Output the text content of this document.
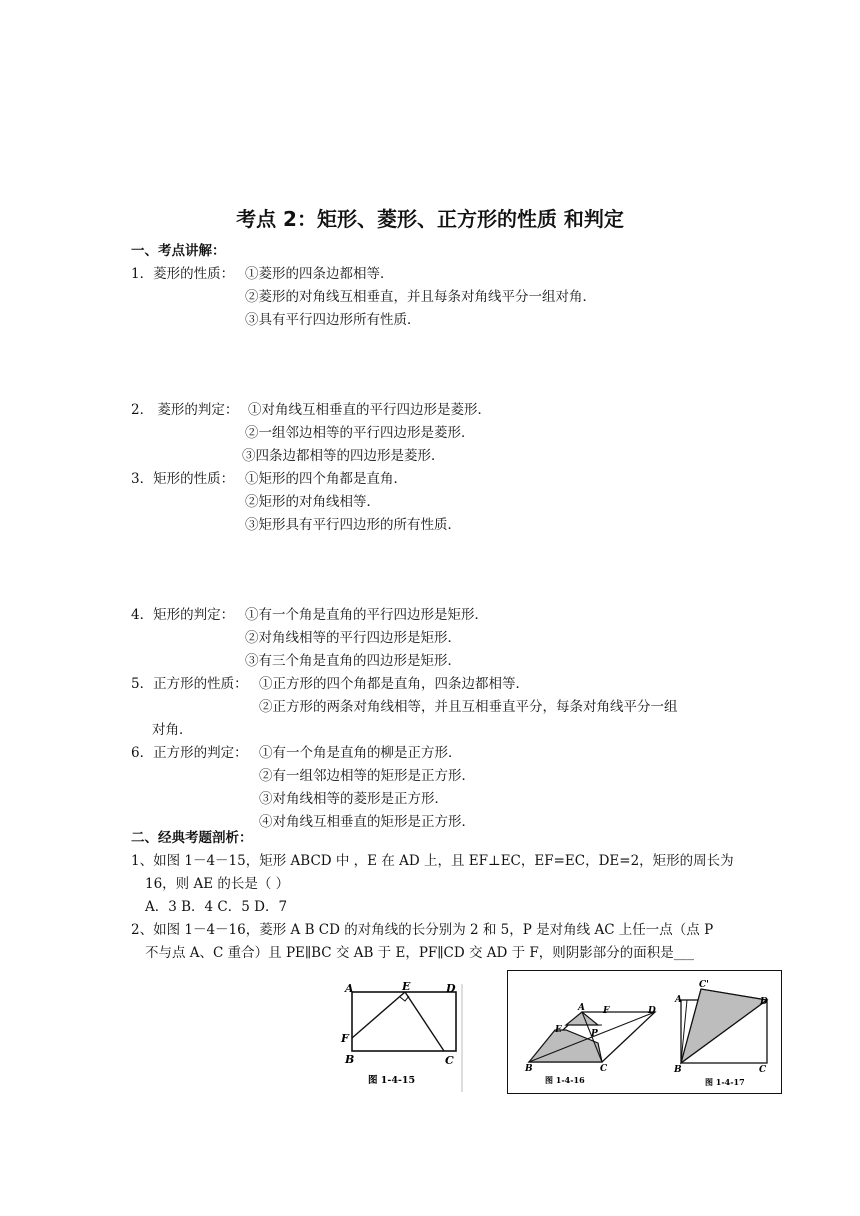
考点 2：矩形、菱形、正方形的性质 和判定
一、考点讲解：
1．菱形的性质： ①菱形的四条边都相等．
②菱形的对角线互相垂直，并且每条对角线平分一组对角．
③具有平行四边形所有性质．
2． 菱形的判定： ①对角线互相垂直的平行四边形是菱形．
②一组邻边相等的平行四边形是菱形．
③四条边都相等的四边形是菱形．
3．矩形的性质： ①矩形的四个角都是直角．
②矩形的对角线相等．
③矩形具有平行四边形的所有性质．
4．矩形的判定： ①有一个角是直角的平行四边形是矩形．
②对角线相等的平行四边形是矩形．
③有三个角是直角的四边形是矩形．
5．正方形的性质： ①正方形的四个角都是直角，四条边都相等．
②正方形的两条对角线相等，并且互相垂直平分，每条对角线平分一组
对角．
6．正方形的判定： ①有一个角是直角的柳是正方形．
②有一组邻边相等的矩形是正方形．
③对角线相等的菱形是正方形．
④对角线互相垂直的矩形是正方形．
二、经典考题剖析：
1、如图 1－4－15，矩形 ABCD 中 ，E 在 AD 上，且 EF⊥EC，EF=EC，DE=2，矩形的周长为
16，则 AE 的长是（ ）
A．3 B．4 C．5 D．7
2、如图 1－4－16，菱形 A B CD 的对角线的长分别为 2 和 5，P 是对角线 AC 上任一点（点 P
不与点 A、C 重合）且 PE∥BC 交 AB 于 E，PF∥CD 交 AD 于 F，则阴影部分的面积是___
A	E	D
F
B	C
图 1-4-15
A F	D
E	P
B	C
图 1-4-16
A
C'
D
B	C
图 1-4-17
